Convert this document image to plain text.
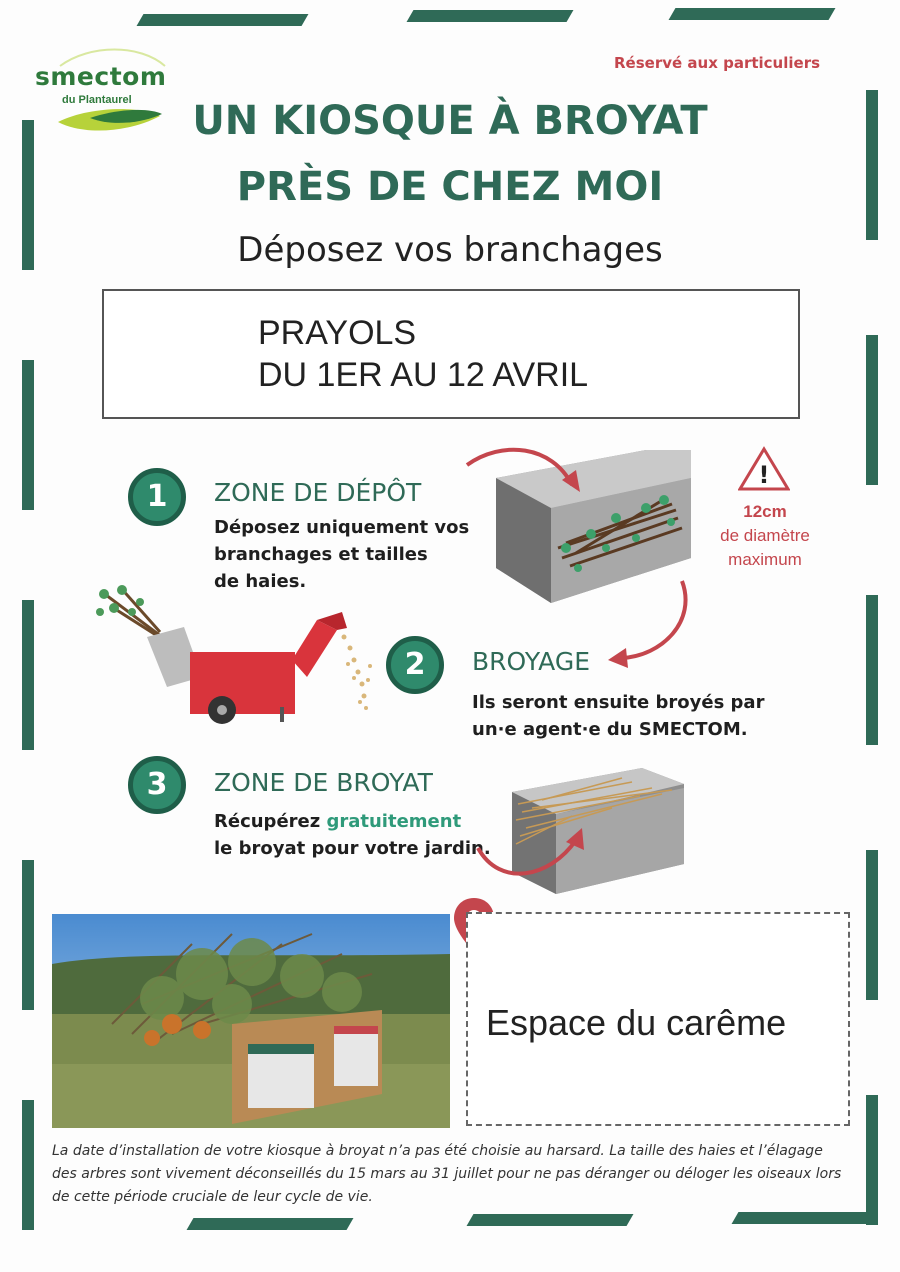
smectom
du Plantaurel
Réservé aux particuliers
UN KIOSQUE À BROYAT
PRÈS DE CHEZ MOI
Déposez vos branchages
PRAYOLS
DU 1ER AU 12 AVRIL
1	ZONE DE DÉPÔT
Déposez uniquement vos
branchages et tailles
de haies.
!
12cm
de diamètre
maximum
2	BROYAGE
Ils seront ensuite broyés par
un·e agent·e du SMECTOM.
3	ZONE DE BROYAT
Récupérez gratuitement
le broyat pour votre jardin.
Espace du carême
La date d’installation de votre kiosque à broyat n’a pas été choisie au harsard. La taille des haies et l’élagage des arbres sont vivement déconseillés du 15 mars au 31 juillet pour ne pas déranger ou déloger les oiseaux lors de cette période cruciale de leur cycle de vie.
